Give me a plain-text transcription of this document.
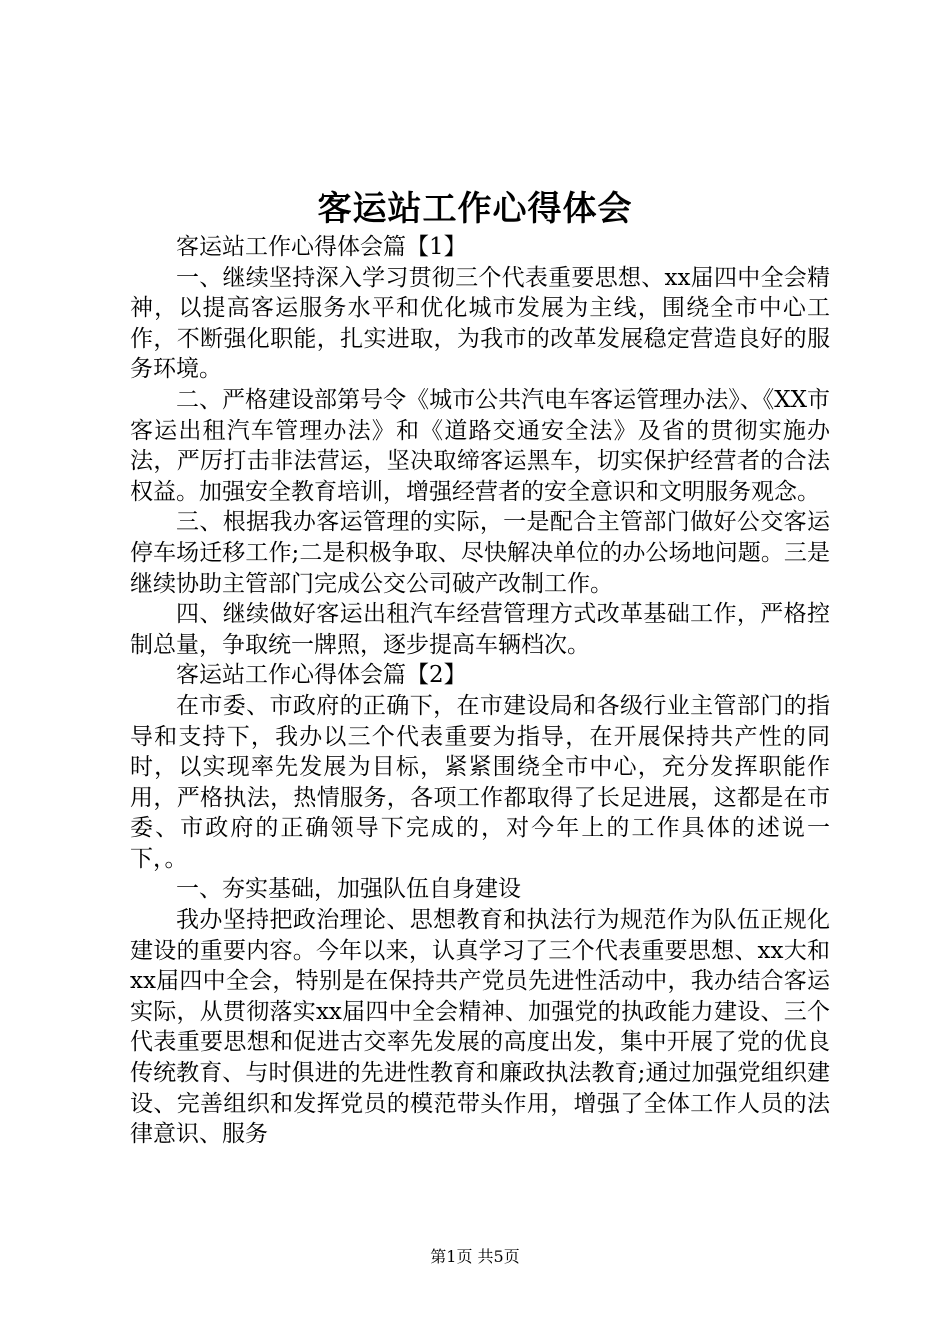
客运站工作心得体会

客运站工作心得体会篇【1】

一、继续坚持深入学习贯彻三个代表重要思想、xx届四中全会精神，以提高客运服务水平和优化城市发展为主线，围绕全市中心工作，不断强化职能，扎实进取，为我市的改革发展稳定营造良好的服务环境。

二、严格建设部第号令《城市公共汽电车客运管理办法》、《XX市客运出租汽车管理办法》和《道路交通安全法》及省的贯彻实施办法，严厉打击非法营运，坚决取缔客运黑车，切实保护经营者的合法权益。加强安全教育培训，增强经营者的安全意识和文明服务观念。

三、根据我办客运管理的实际，一是配合主管部门做好公交客运停车场迁移工作;二是积极争取、尽快解决单位的办公场地问题。三是继续协助主管部门完成公交公司破产改制工作。

四、继续做好客运出租汽车经营管理方式改革基础工作，严格控制总量，争取统一牌照，逐步提高车辆档次。

客运站工作心得体会篇【2】

在市委、市政府的正确下，在市建设局和各级行业主管部门的指导和支持下，我办以三个代表重要为指导，在开展保持共产性的同时，以实现率先发展为目标，紧紧围绕全市中心，充分发挥职能作用，严格执法，热情服务，各项工作都取得了长足进展，这都是在市委、市政府的正确领导下完成的，对今年上的工作具体的述说一下，。

一、夯实基础，加强队伍自身建设

我办坚持把政治理论、思想教育和执法行为规范作为队伍正规化建设的重要内容。今年以来，认真学习了三个代表重要思想、xx大和xx届四中全会，特别是在保持共产党员先进性活动中，我办结合客运实际，从贯彻落实xx届四中全会精神、加强党的执政能力建设、三个代表重要思想和促进古交率先发展的高度出发，集中开展了党的优良传统教育、与时俱进的先进性教育和廉政执法教育;通过加强党组织建设、完善组织和发挥党员的模范带头作用，增强了全体工作人员的法律意识、服务

第1页 共5页
